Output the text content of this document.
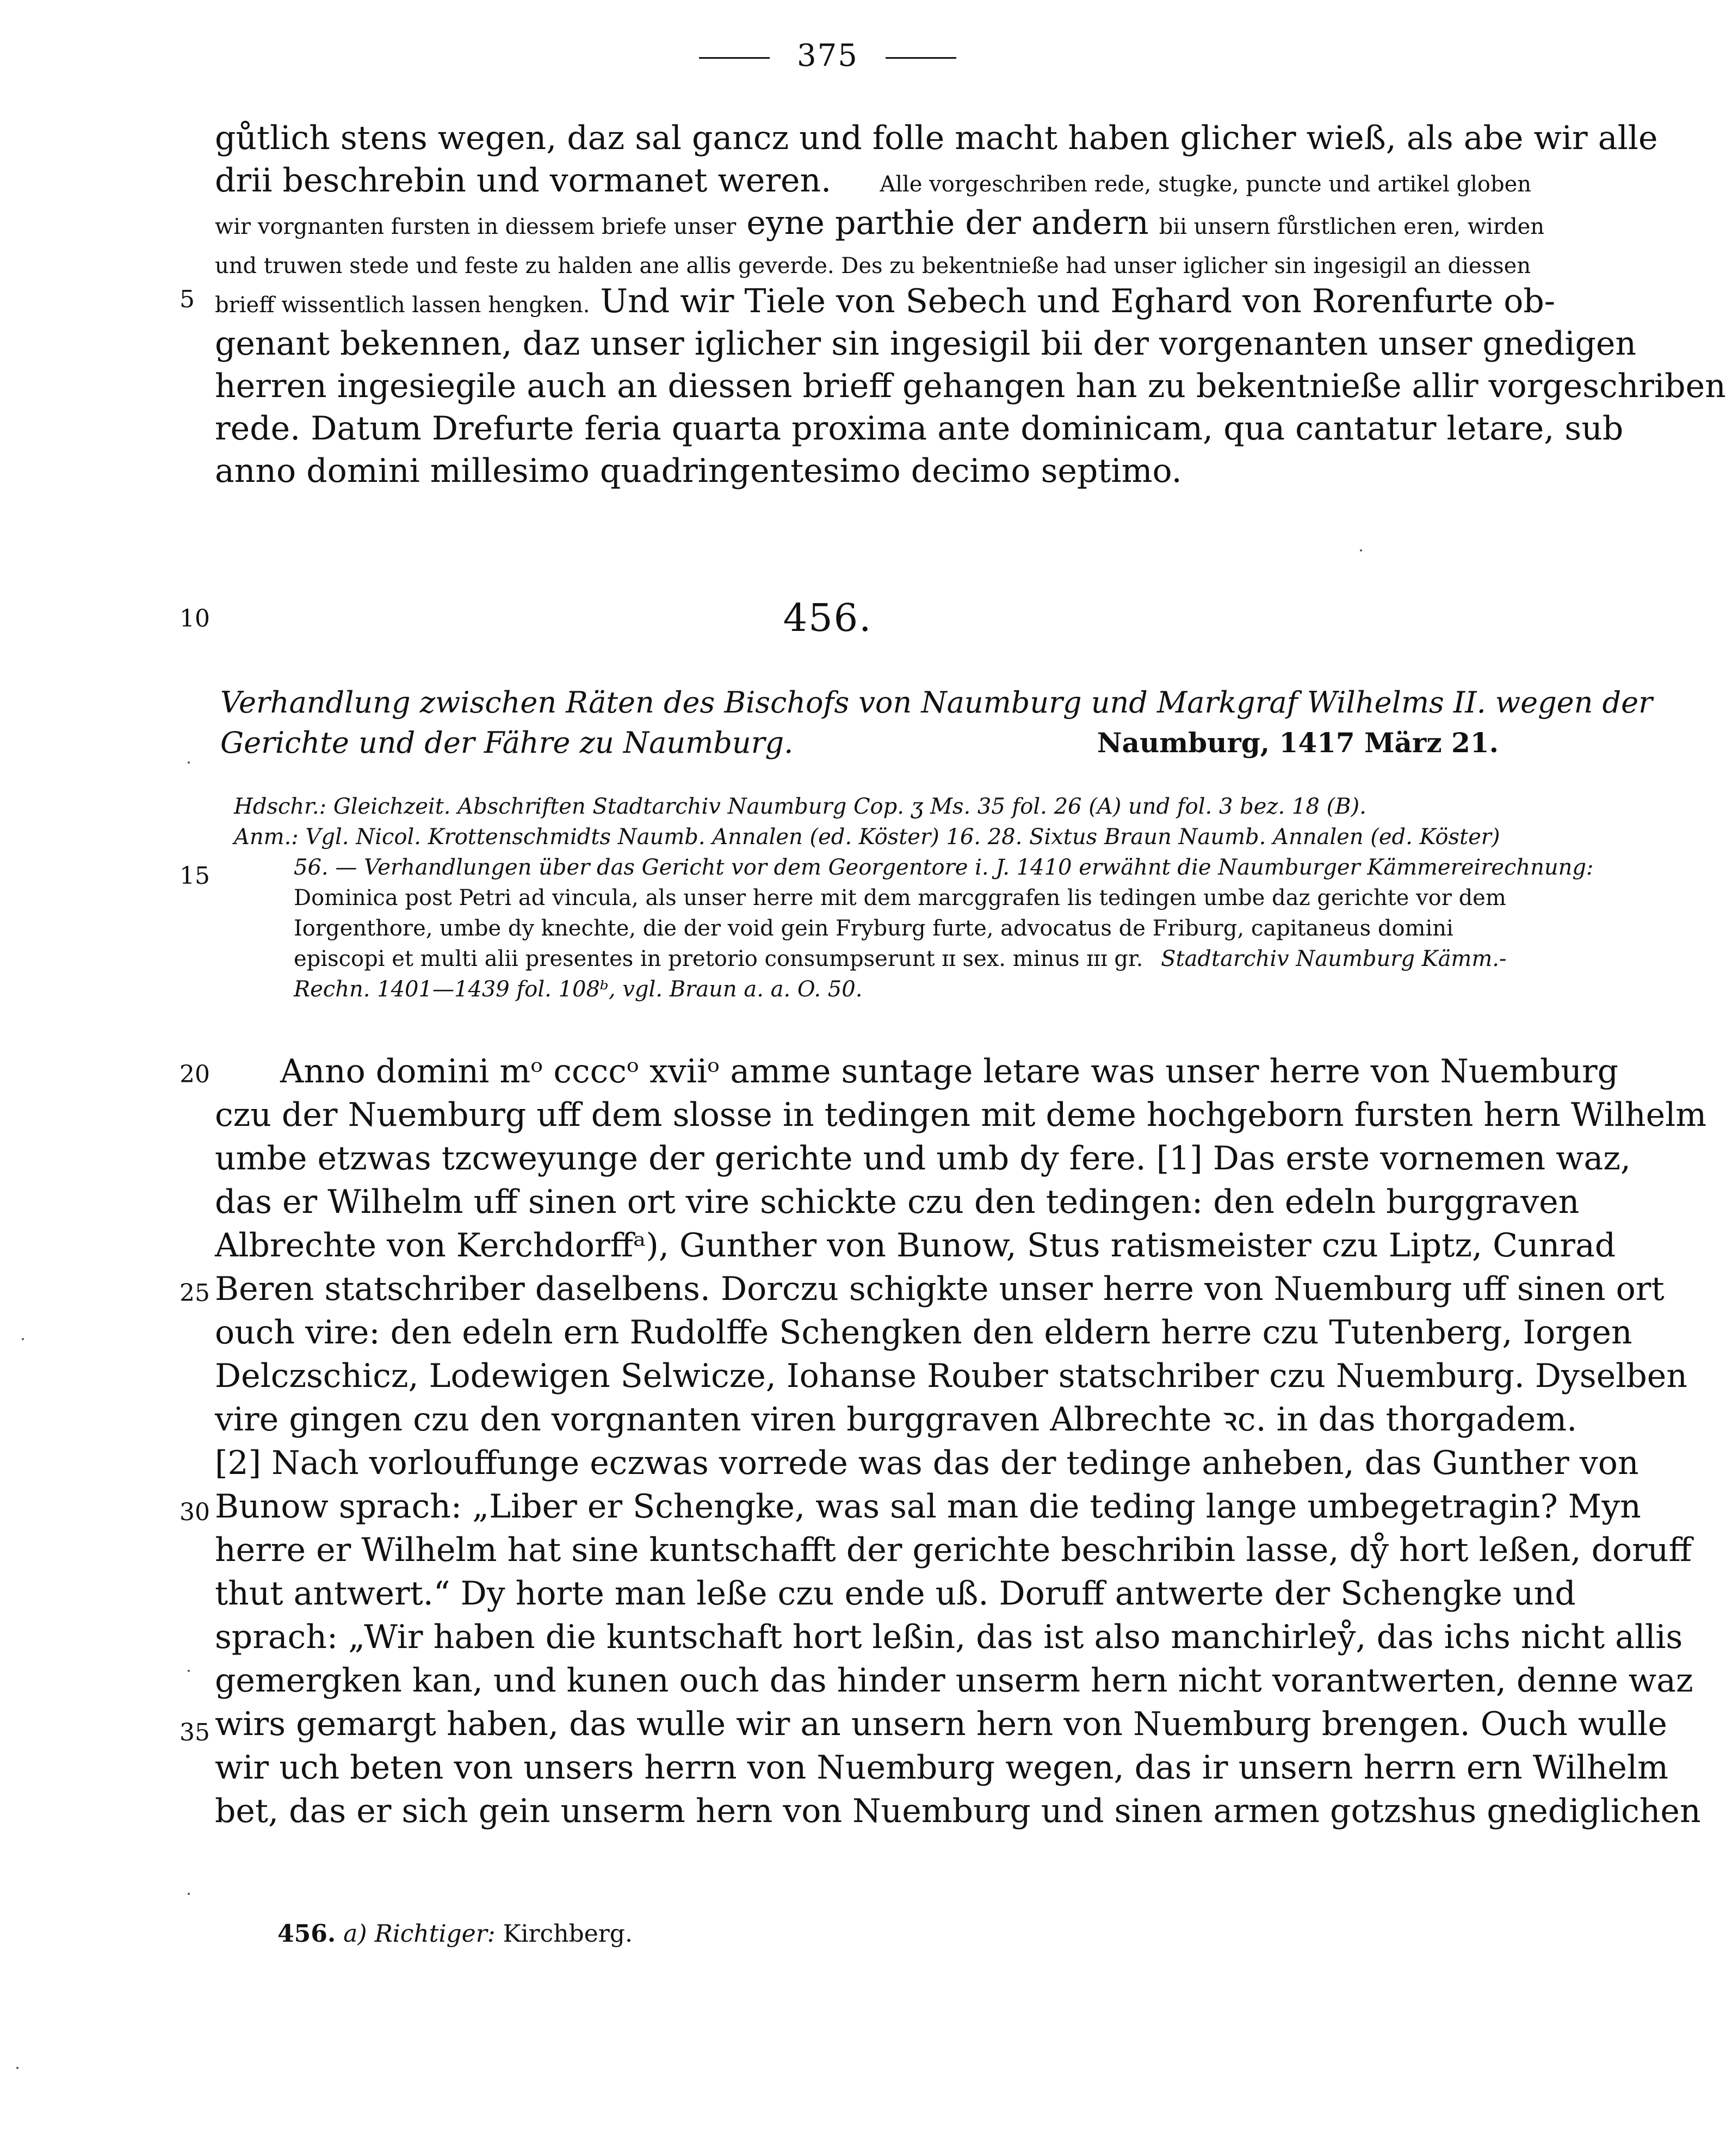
375
gůtlich stens wegen, daz sal gancz und folle macht haben glicher wieß, als abe wir alle
drii beschrebin und vormanet weren. Alle vorgeschriben rede, stugke, puncte und artikel globen
wir vorgnanten fursten in diessem briefe unser eyne parthie der andern bii unsern fůrstlichen eren, wirden
und truwen stede und feste zu halden ane allis geverde. Des zu bekentnieße had unser iglicher sin ingesigil an diessen
brieff wissentlich lassen hengken. Und wir Tiele von Sebech und Eghard von Rorenfurte ob-
genant bekennen, daz unser iglicher sin ingesigil bii der vorgenanten unser gnedigen
herren ingesiegile auch an diessen brieff gehangen han zu bekentnieße allir vorgeschriben
rede. Datum Drefurte feria quarta proxima ante dominicam, qua cantatur letare, sub
anno domini millesimo quadringentesimo decimo septimo.
5
10
15
20
25
30
35
456.
Verhandlung zwischen Räten des Bischofs von Naumburg und Markgraf Wilhelms II. wegen der
Gerichte und der Fähre zu Naumburg.	Naumburg, 1417 März 21.
Hdschr.: Gleichzeit. Abschriften Stadtarchiv Naumburg Cop. ʒ Ms. 35 fol. 26 (A) und fol. 3 bez. 18 (B).
Anm.: Vgl. Nicol. Krottenschmidts Naumb. Annalen (ed. Köster) 16. 28. Sixtus Braun Naumb. Annalen (ed. Köster)
56. — Verhandlungen über das Gericht vor dem Georgentore i. J. 1410 erwähnt die Naumburger Kämmereirechnung:
Dominica post Petri ad vincula, als unser herre mit dem marcggrafen lis tedingen umbe daz gerichte vor dem
Iorgenthore, umbe dy knechte, die der void gein Fryburg furte, advocatus de Friburg, capitaneus domini
episcopi et multi alii presentes in pretorio consumpserunt ɪɪ sex. minus ɪɪɪ gr. Stadtarchiv Naumburg Kämm.-
Rechn. 1401—1439 fol. 108ᵇ, vgl. Braun a. a. O. 50.
Anno domini mᵒ ccccᵒ xviiᵒ amme suntage letare was unser herre von Nuemburg
czu der Nuemburg uff dem slosse in tedingen mit deme hochgeborn fursten hern Wilhelm
umbe etzwas tzcweyunge der gerichte und umb dy fere. [1] Das erste vornemen waz,
das er Wilhelm uff sinen ort vire schickte czu den tedingen: den edeln burggraven
Albrechte von Kerchdorffᵃ), Gunther von Bunow, Stus ratismeister czu Liptz, Cunrad
Beren statschriber daselbens. Dorczu schigkte unser herre von Nuemburg uff sinen ort
ouch vire: den edeln ern Rudolffe Schengken den eldern herre czu Tutenberg, Iorgen
Delczschicz, Lodewigen Selwicze, Iohanse Rouber statschriber czu Nuemburg. Dyselben
vire gingen czu den vorgnanten viren burggraven Albrechte ꝛc. in das thorgadem.
[2] Nach vorlouffunge eczwas vorrede was das der tedinge anheben, das Gunther von
Bunow sprach: „Liber er Schengke, was sal man die teding lange umbegetragin? Myn
herre er Wilhelm hat sine kuntschafft der gerichte beschribin lasse, dẙ hort leßen, doruff
thut antwert.“ Dy horte man leße czu ende uß. Doruff antwerte der Schengke und
sprach: „Wir haben die kuntschaft hort leßin, das ist also manchirleẙ, das ichs nicht allis
gemergken kan, und kunen ouch das hinder unserm hern nicht vorantwerten, denne waz
wirs gemargt haben, das wulle wir an unsern hern von Nuemburg brengen. Ouch wulle
wir uch beten von unsers herrn von Nuemburg wegen, das ir unsern herrn ern Wilhelm
bet, das er sich gein unserm hern von Nuemburg und sinen armen gotzshus gnediglichen
456. a) Richtiger: Kirchberg.
